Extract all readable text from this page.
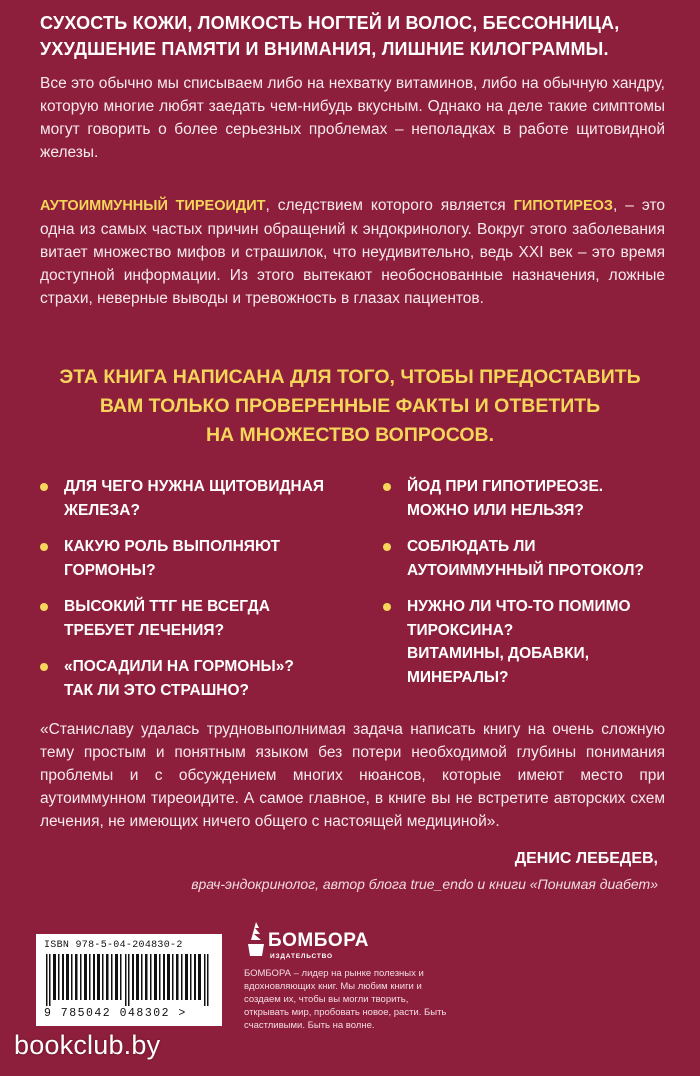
СУХОСТЬ КОЖИ, ЛОМКОСТЬ НОГТЕЙ И ВОЛОС, БЕССОННИЦА,
УХУДШЕНИЕ ПАМЯТИ И ВНИМАНИЯ, ЛИШНИЕ КИЛОГРАММЫ.

Все это обычно мы списываем либо на нехватку витаминов, либо на обычную хандру, которую многие любят заедать чем-нибудь вкусным. Однако на деле такие симптомы могут говорить о более серьезных проблемах – неполадках в работе щитовидной железы.

АУТОИММУННЫЙ ТИРЕОИДИТ, следствием которого является ГИПОТИРЕОЗ, – это одна из самых частых причин обращений к эндокринологу. Вокруг этого заболевания витает множество мифов и страшилок, что неудивительно, ведь XXI век – это время доступной информации. Из этого вытекают необоснованные назначения, ложные страхи, неверные выводы и тревожность в глазах пациентов.

ЭТА КНИГА НАПИСАНА ДЛЯ ТОГО, ЧТОБЫ ПРЕДОСТАВИТЬ
ВАМ ТОЛЬКО ПРОВЕРЕННЫЕ ФАКТЫ И ОТВЕТИТЬ
НА МНОЖЕСТВО ВОПРОСОВ.
ДЛЯ ЧЕГО НУЖНА ЩИТОВИДНАЯ
ЖЕЛЕЗА?
КАКУЮ РОЛЬ ВЫПОЛНЯЮТ
ГОРМОНЫ?
ВЫСОКИЙ ТТГ НЕ ВСЕГДА
ТРЕБУЕТ ЛЕЧЕНИЯ?
«ПОСАДИЛИ НА ГОРМОНЫ»?
ТАК ЛИ ЭТО СТРАШНО?
ЙОД ПРИ ГИПОТИРЕОЗЕ.
МОЖНО ИЛИ НЕЛЬЗЯ?
СОБЛЮДАТЬ ЛИ
АУТОИММУННЫЙ ПРОТОКОЛ?
НУЖНО ЛИ ЧТО-ТО ПОМИМО
ТИРОКСИНА?
ВИТАМИНЫ, ДОБАВКИ,
МИНЕРАЛЫ?

«Станиславу удалась трудновыполнимая задача написать книгу на очень сложную тему простым и понятным языком без потери необходимой глубины понимания проблемы и с обсуждением многих нюансов, которые имеют место при аутоиммунном тиреоидите. А самое главное, в книге вы не встретите авторских схем лечения, не имеющих ничего общего с настоящей медициной».

ДЕНИС ЛЕБЕДЕВ,
врач-эндокринолог, автор блога true_endo и книги «Понимая диабет»
ISBN 978-5-04-204830-2
9 785042 048302 >
БОМБОРА
ИЗДАТЕЛЬСТВО

БОМБОРА – лидер на рынке полезных и вдохновляющих книг. Мы любим книги и создаем их, чтобы вы могли творить, открывать мир, пробовать новое, расти. Быть счастливыми. Быть на волне.

bookclub.by
